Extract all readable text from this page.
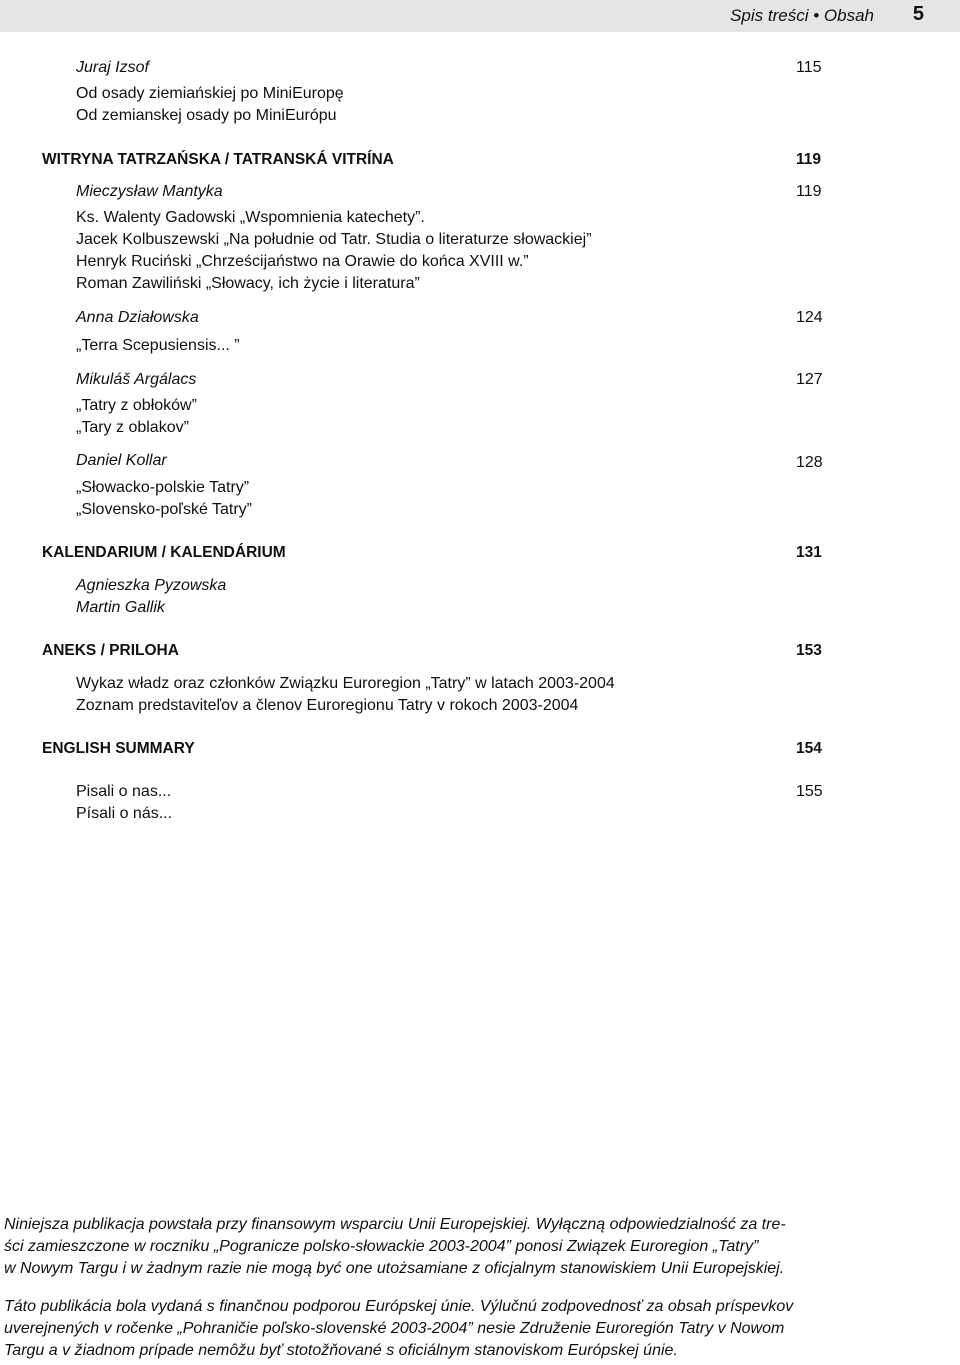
Spis treści • Obsah 5
Juraj Izsof	115
Od osady ziemiańskiej po MiniEuropę
Od zemianskej osady po MiniEurópu
WITRYNA TATRZAŃSKA / TATRANSKÁ VITRÍNA	119
Mieczysław Mantyka	119
Ks. Walenty Gadowski „Wspomnienia katechety”.
Jacek Kolbuszewski „Na południe od Tatr. Studia o literaturze słowackiej”
Henryk Ruciński „Chrześcijaństwo na Orawie do końca XVIII w.”
Roman Zawiliński „Słowacy, ich życie i literatura”
Anna Działowska	124
„Terra Scepusiensis... ”
Mikuláš Argálacs	127
„Tatry z obłoków”
„Tary z oblakov”
Daniel Kollar	128
„Słowacko-polskie Tatry”
„Slovensko-poľské Tatry”
KALENDARIUM / KALENDÁRIUM	131
Agnieszka Pyzowska
Martin Gallik
ANEKS / PRILOHA	153
Wykaz władz oraz członków Związku Euroregion „Tatry” w latach 2003-2004
Zoznam predstaviteľov a členov Euroregionu Tatry v rokoch 2003-2004
ENGLISH SUMMARY	154
Pisali o nas...	155
Písali o nás...
Niniejsza publikacja powstała przy finansowym wsparciu Unii Europejskiej. Wyłączną odpowiedzialność za tre-
ści zamieszczone w roczniku „Pogranicze polsko-słowackie 2003-2004” ponosi Związek Euroregion „Tatry”
w Nowym Targu i w żadnym razie nie mogą być one utożsamiane z oficjalnym stanowiskiem Unii Europejskiej.
Táto publikácia bola vydaná s finančnou podporou Európskej únie. Výlučnú zodpovednosť za obsah príspevkov
uverejnených v ročenke „Pohraničie poľsko-slovenské 2003-2004” nesie Združenie Euroregión Tatry v Nowom
Targu a v žiadnom prípade nemôžu byť stotožňované s oficiálnym stanoviskom Európskej únie.
